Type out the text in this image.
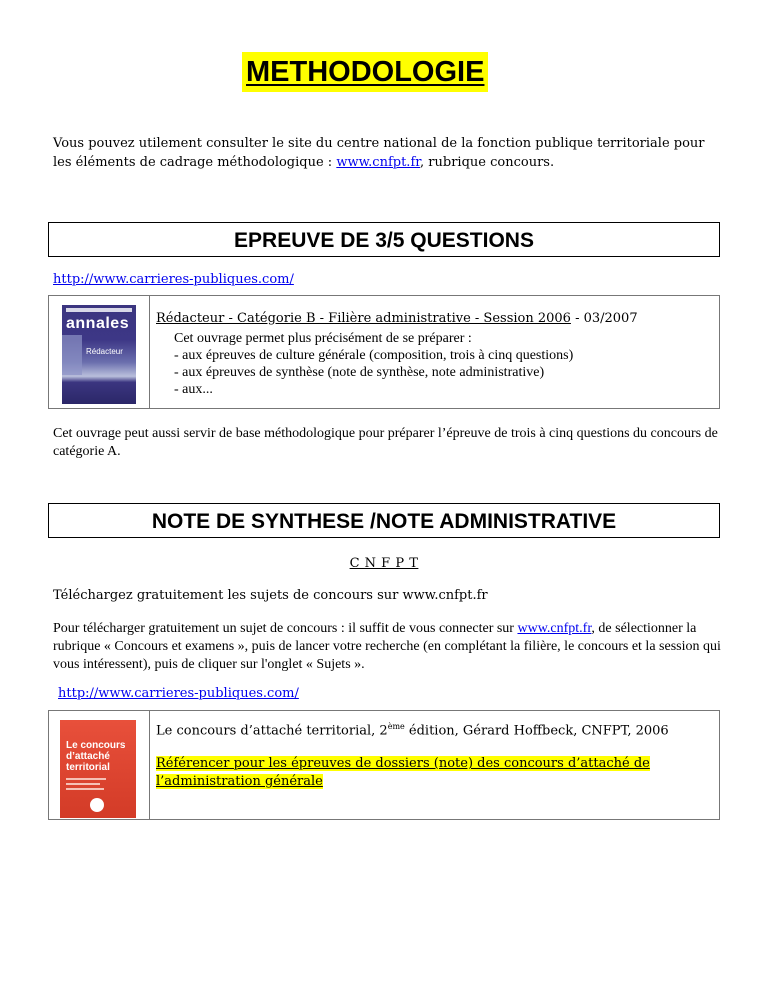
METHODOLOGIE
Vous pouvez utilement consulter le site du centre national de la fonction publique territoriale pour les éléments de cadrage méthodologique : www.cnfpt.fr, rubrique concours.
EPREUVE DE 3/5 QUESTIONS
http://www.carrieres-publiques.com/
annales
Rédacteur
Rédacteur - Catégorie B - Filière administrative - Session 2006 - 03/2007
Cet ouvrage permet plus précisément de se préparer :
- aux épreuves de culture générale (composition, trois à cinq questions)
- aux épreuves de synthèse (note de synthèse, note administrative)
- aux...
Cet ouvrage peut aussi servir de base méthodologique pour préparer l’épreuve de trois à cinq questions du concours de catégorie A.
NOTE DE SYNTHESE /NOTE ADMINISTRATIVE
C N F P T
Téléchargez gratuitement les sujets de concours sur www.cnfpt.fr
Pour télécharger gratuitement un sujet de concours : il suffit de vous connecter sur www.cnfpt.fr, de sélectionner la rubrique « Concours et examens », puis de lancer votre recherche (en complétant la filière, le concours et la session qui vous intéressent), puis de cliquer sur l'onglet « Sujets ».
http://www.carrieres-publiques.com/
Le concours
d’attaché
territorial
Le concours d’attaché territorial, 2ème édition, Gérard Hoffbeck, CNFPT, 2006
Référencer pour les épreuves de dossiers (note) des concours d’attaché de l’administration générale
